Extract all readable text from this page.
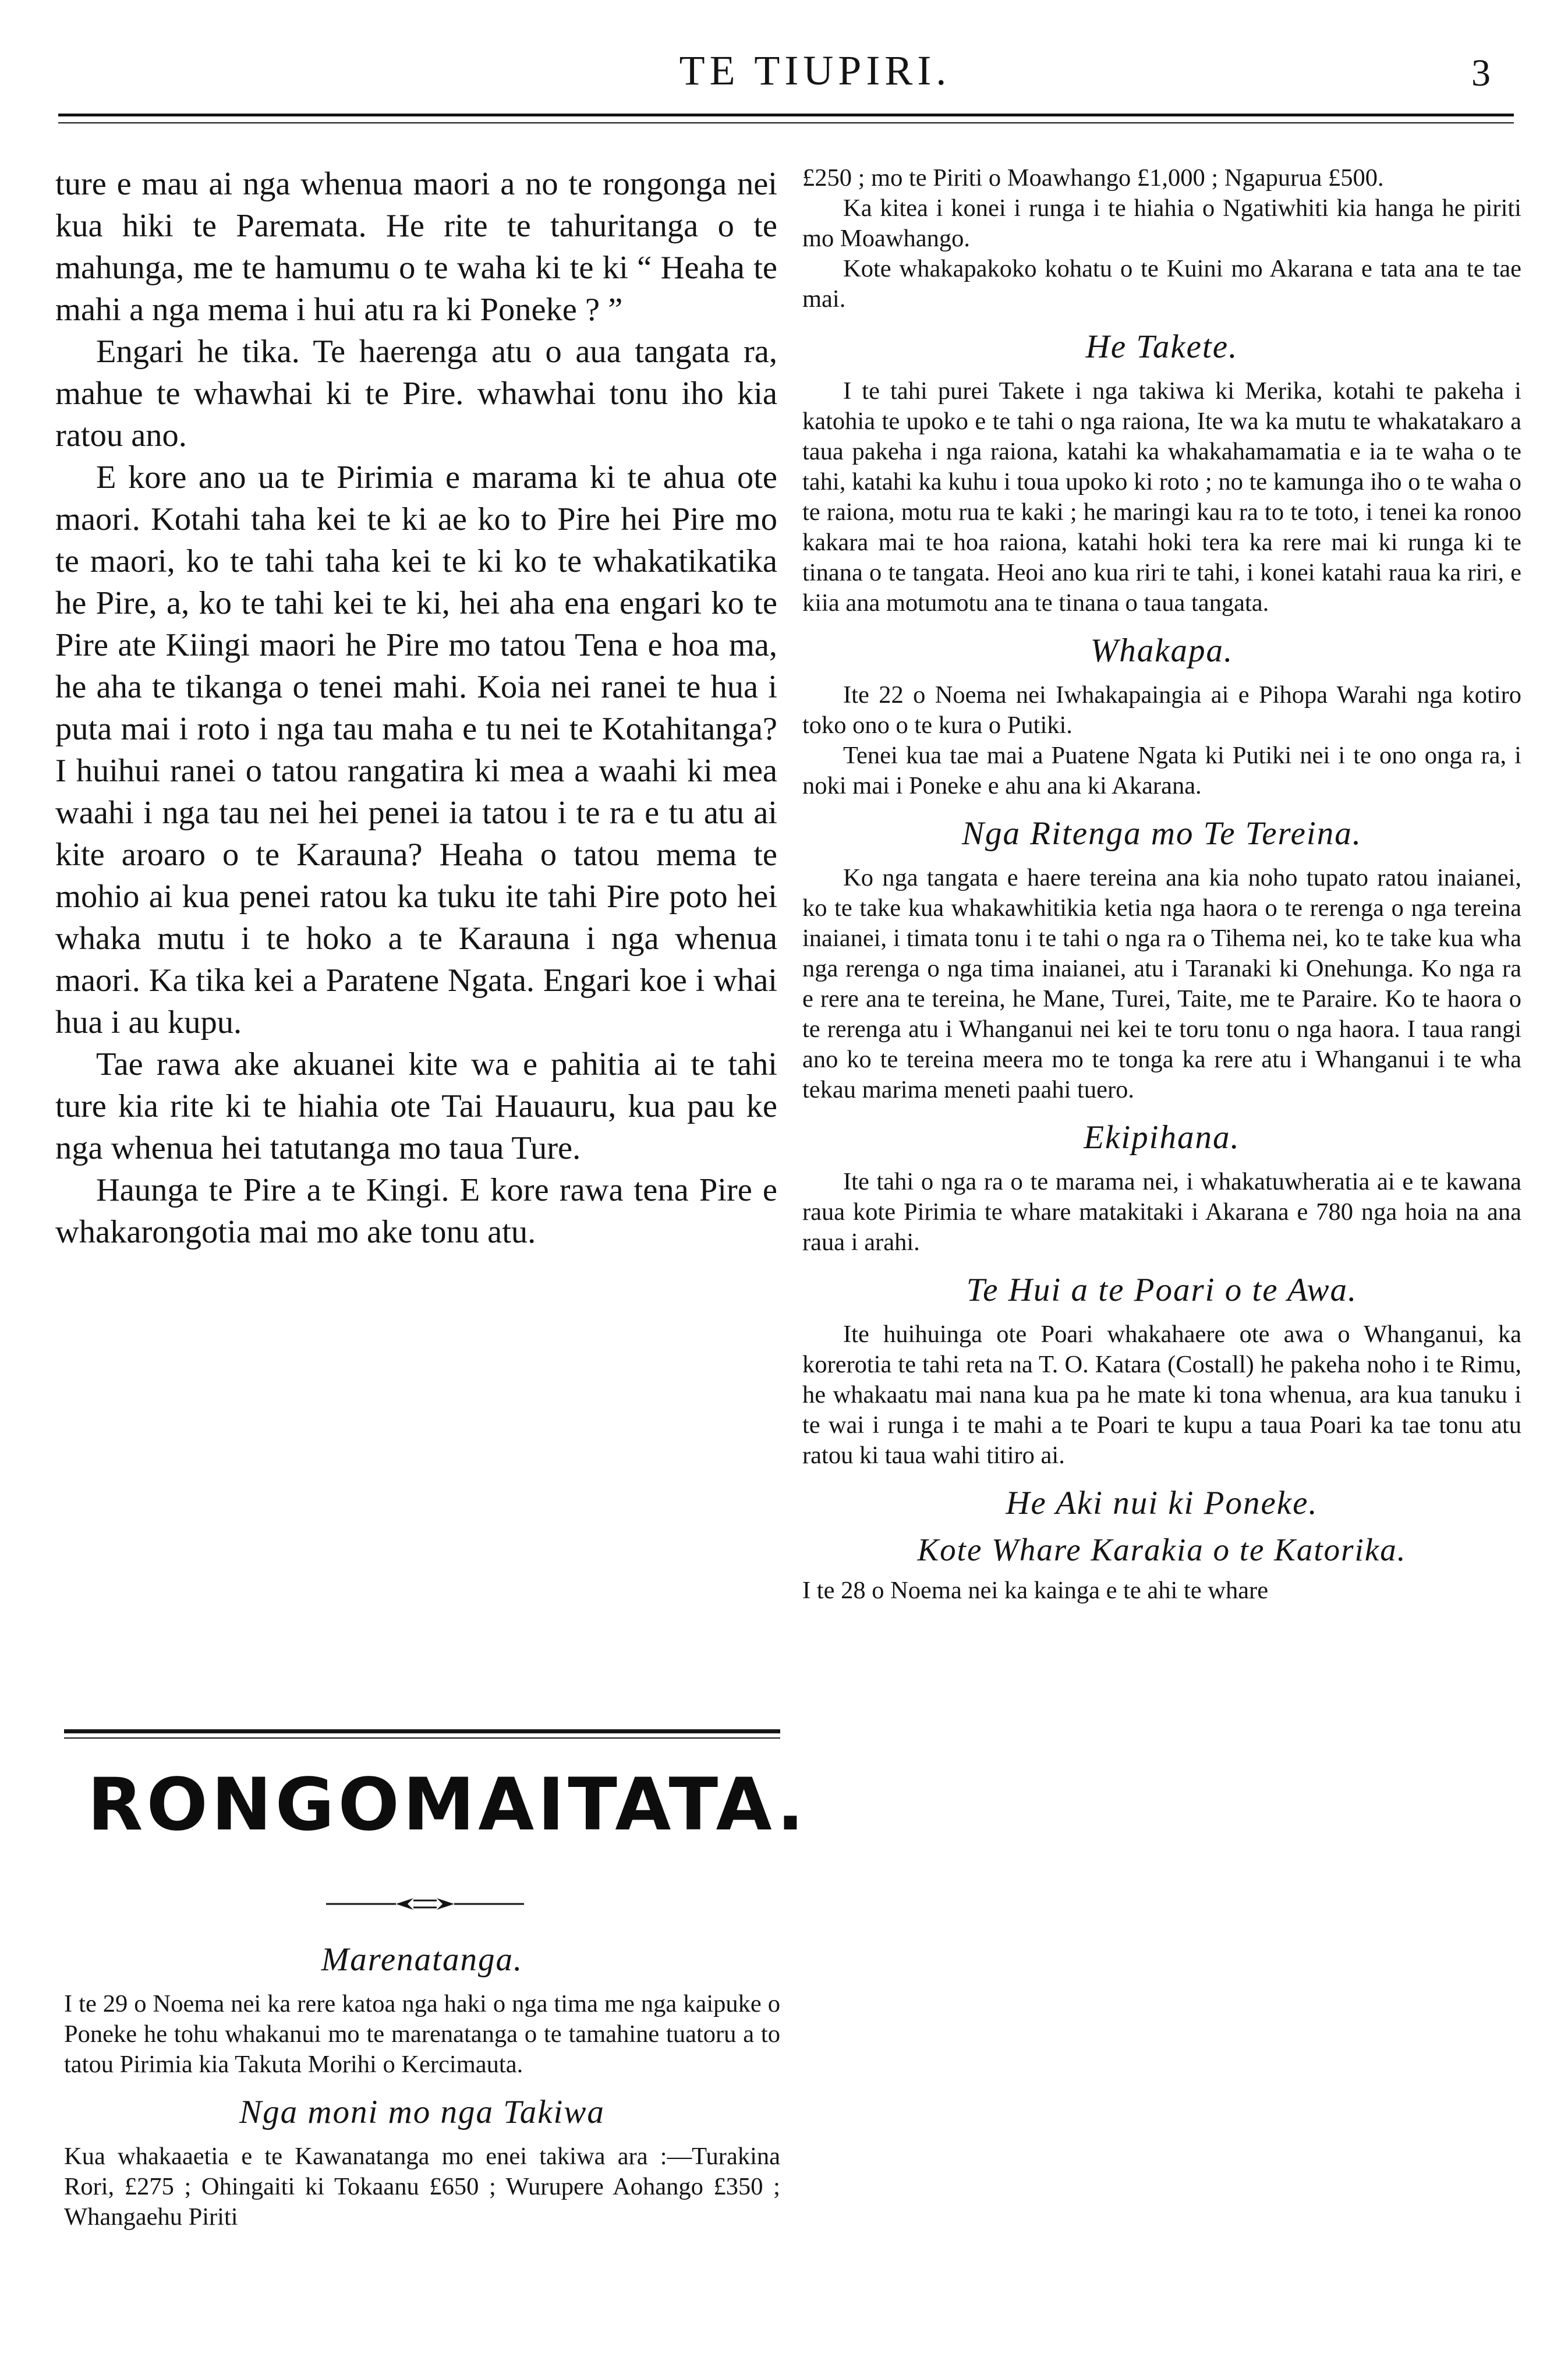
TE TIUPIRI.	3

ture e mau ai nga whenua maori a no te rongonga nei kua hiki te Paremata. He rite te tahuritanga o te mahunga, me te hamumu o te waha ki te ki “ Heaha te mahi a nga mema i hui atu ra ki Poneke ? ”

Engari he tika. Te haerenga atu o aua tangata ra, mahue te whawhai ki te Pire. whawhai tonu iho kia ratou ano.

E kore ano ua te Pirimia e marama ki te ahua ote maori. Kotahi taha kei te ki ae ko to Pire hei Pire mo te maori, ko te tahi taha kei te ki ko te whakatikatika he Pire, a, ko te tahi kei te ki, hei aha ena engari ko te Pire ate Kiingi maori he Pire mo tatou Tena e hoa ma, he aha te tikanga o tenei mahi. Koia nei ranei te hua i puta mai i roto i nga tau maha e tu nei te Kotahitanga? I huihui ranei o tatou rangatira ki mea a waahi ki mea waahi i nga tau nei hei penei ia tatou i te ra e tu atu ai kite aroaro o te Karauna? Heaha o tatou mema te mohio ai kua penei ratou ka tuku ite tahi Pire poto hei whaka mutu i te hoko a te Karauna i nga whenua maori. Ka tika kei a Paratene Ngata. Engari koe i whai hua i au kupu.

Tae rawa ake akuanei kite wa e pahitia ai te tahi ture kia rite ki te hiahia ote Tai Hauauru, kua pau ke nga whenua hei tatutanga mo taua Ture.

Haunga te Pire a te Kingi. E kore rawa tena Pire e whakarongotia mai mo ake tonu atu.

RONGOMAITATA.
Marenatanga.

I te 29 o Noema nei ka rere katoa nga haki o nga tima me nga kaipuke o Poneke he tohu whakanui mo te marenatanga o te tamahine tuatoru a to tatou Pirimia kia Takuta Morihi o Kercimauta.

Nga moni mo nga Takiwa

Kua whakaaetia e te Kawanatanga mo enei takiwa ara :—Turakina Rori, £275 ; Ohingaiti ki Tokaanu £650 ; Wurupere Aohango £350 ; Whangaehu Piriti

£250 ; mo te Piriti o Moawhango £1,000 ; Ngapurua £500.

Ka kitea i konei i runga i te hiahia o Ngatiwhiti kia hanga he piriti mo Moawhango.

Kote whakapakoko kohatu o te Kuini mo Akarana e tata ana te tae mai.

He Takete.

I te tahi purei Takete i nga takiwa ki Merika, kotahi te pakeha i katohia te upoko e te tahi o nga raiona, Ite wa ka mutu te whakatakaro a taua pakeha i nga raiona, katahi ka whakahamamatia e ia te waha o te tahi, katahi ka kuhu i toua upoko ki roto ; no te kamunga iho o te waha o te raiona, motu rua te kaki ; he maringi kau ra to te toto, i tenei ka ronoo kakara mai te hoa raiona, katahi hoki tera ka rere mai ki runga ki te tinana o te tangata. Heoi ano kua riri te tahi, i konei katahi raua ka riri, e kiia ana motumotu ana te tinana o taua tangata.

Whakapa.

Ite 22 o Noema nei Iwhakapaingia ai e Pihopa Warahi nga kotiro toko ono o te kura o Putiki.

Tenei kua tae mai a Puatene Ngata ki Putiki nei i te ono onga ra, i noki mai i Poneke e ahu ana ki Akarana.

Nga Ritenga mo Te Tereina.

Ko nga tangata e haere tereina ana kia noho tupato ratou inaianei, ko te take kua whakawhitikia ketia nga haora o te rerenga o nga tereina inaianei, i timata tonu i te tahi o nga ra o Tihema nei, ko te take kua wha nga rerenga o nga tima inaianei, atu i Taranaki ki Onehunga. Ko nga ra e rere ana te tereina, he Mane, Turei, Taite, me te Paraire. Ko te haora o te rerenga atu i Whanganui nei kei te toru tonu o nga haora. I taua rangi ano ko te tereina meera mo te tonga ka rere atu i Whanganui i te wha tekau marima meneti paahi tuero.

Ekipihana.

Ite tahi o nga ra o te marama nei, i whakatuwheratia ai e te kawana raua kote Pirimia te whare matakitaki i Akarana e 780 nga hoia na ana raua i arahi.

Te Hui a te Poari o te Awa.

Ite huihuinga ote Poari whakahaere ote awa o Whanganui, ka korerotia te tahi reta na T. O. Katara (Costall) he pakeha noho i te Rimu, he whakaatu mai nana kua pa he mate ki tona whenua, ara kua tanuku i te wai i runga i te mahi a te Poari te kupu a taua Poari ka tae tonu atu ratou ki taua wahi titiro ai.

He Aki nui ki Poneke.
Kote Whare Karakia o te Katorika.

I te 28 o Noema nei ka kainga e te ahi te whare
